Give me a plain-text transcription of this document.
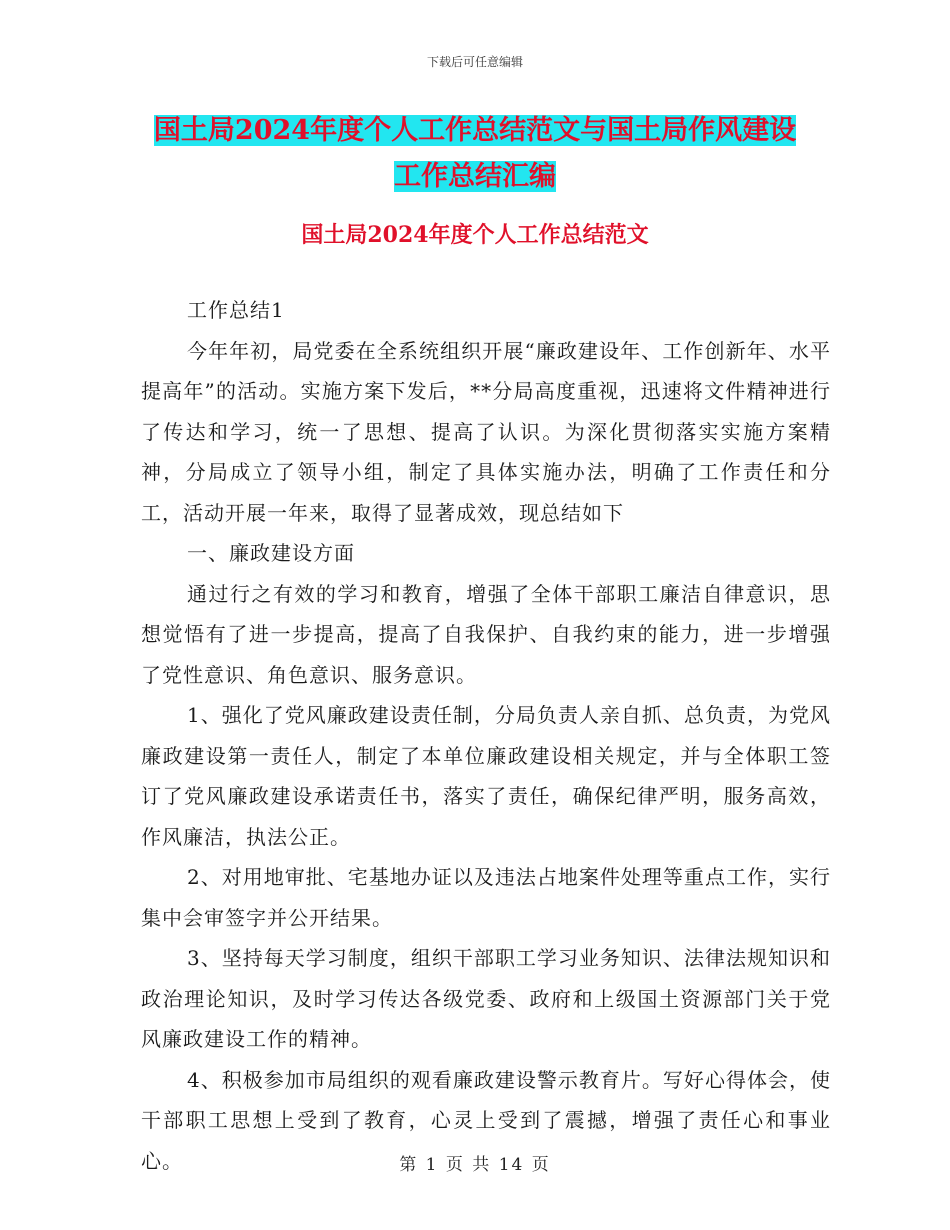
下载后可任意编辑
国土局2024年度个人工作总结范文与国土局作风建设
工作总结汇编
国土局2024年度个人工作总结范文

工作总结1

今年年初，局党委在全系统组织开展“廉政建设年、工作创新年、水平提高年”的活动。实施方案下发后，**分局高度重视，迅速将文件精神进行了传达和学习，统一了思想、提高了认识。为深化贯彻落实实施方案精神，分局成立了领导小组，制定了具体实施办法，明确了工作责任和分工，活动开展一年来，取得了显著成效，现总结如下

一、廉政建设方面

通过行之有效的学习和教育，增强了全体干部职工廉洁自律意识，思想觉悟有了进一步提高，提高了自我保护、自我约束的能力，进一步增强了党性意识、角色意识、服务意识。

1、强化了党风廉政建设责任制，分局负责人亲自抓、总负责，为党风廉政建设第一责任人，制定了本单位廉政建设相关规定，并与全体职工签订了党风廉政建设承诺责任书，落实了责任，确保纪律严明，服务高效，作风廉洁，执法公正。

2、对用地审批、宅基地办证以及违法占地案件处理等重点工作，实行集中会审签字并公开结果。

3、坚持每天学习制度，组织干部职工学习业务知识、法律法规知识和政治理论知识，及时学习传达各级党委、政府和上级国土资源部门关于党风廉政建设工作的精神。

4、积极参加市局组织的观看廉政建设警示教育片。写好心得体会，使干部职工思想上受到了教育，心灵上受到了震撼，增强了责任心和事业心。	第 1 页 共 14 页
